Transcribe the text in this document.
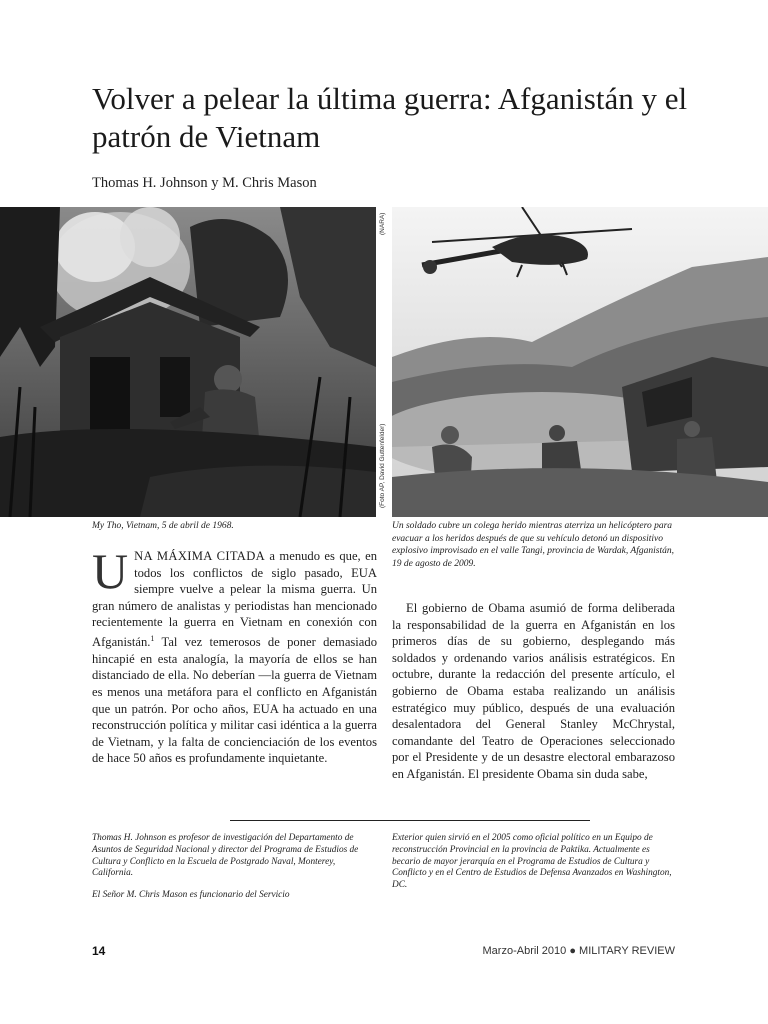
Volver a pelear la última guerra: Afganistán y el patrón de Vietnam
Thomas H. Johnson y M. Chris Mason
(NARA)
(Foto AP, David Guttenfelder)
My Tho, Vietnam, 5 de abril de 1968.	Un soldado cubre un colega herido mientras aterriza un helicóptero para evacuar a los heridos después de que su vehículo detonó un dispositivo explosivo improvisado en el valle Tangi, provincia de Wardak, Afganistán, 19 de agosto de 2009.

UNA MÁXIMA CITADA a menudo es que, en todos los conflictos de siglo pasado, EUA siempre vuelve a pelear la misma guerra. Un gran número de analistas y periodistas han mencionado recientemente la guerra en Vietnam en conexión con Afganistán.$^1$ Tal vez temerosos de poner demasiado hincapié en esta analogía, la mayoría de ellos se han distanciado de ella. No deberían —la guerra de Vietnam es menos una metáfora para el conflicto en Afganistán que un patrón. Por ocho años, EUA ha actuado en una reconstrucción política y militar casi idéntica a la guerra de Vietnam, y la falta de concienciación de los eventos de hace 50 años es profundamente inquietante.

El gobierno de Obama asumió de forma deliberada la responsabilidad de la guerra en Afganistán en los primeros días de su gobierno, desplegando más soldados y ordenando varios análisis estratégicos. En octubre, durante la redacción del presente artículo, el gobierno de Obama estaba realizando un análisis estratégico muy público, después de una evaluación desalentadora del General Stanley McChrystal, comandante del Teatro de Operaciones seleccionado por el Presidente y de un desastre electoral embarazoso en Afganistán. El presidente Obama sin duda sabe,

Thomas H. Johnson es profesor de investigación del Departamento de Asuntos de Seguridad Nacional y director del Programa de Estudios de Cultura y Conflicto en la Escuela de Postgrado Naval, Monterey, California.

El Señor M. Chris Mason es funcionario del Servicio

Exterior quien sirvió en el 2005 como oficial político en un Equipo de reconstrucción Provincial en la provincia de Paktika. Actualmente es becario de mayor jerarquía en el Programa de Estudios de Cultura y Conflicto y en el Centro de Estudios de Defensa Avanzados en Washington, DC.

14	Marzo-Abril 2010 ● MILITARY REVIEW
